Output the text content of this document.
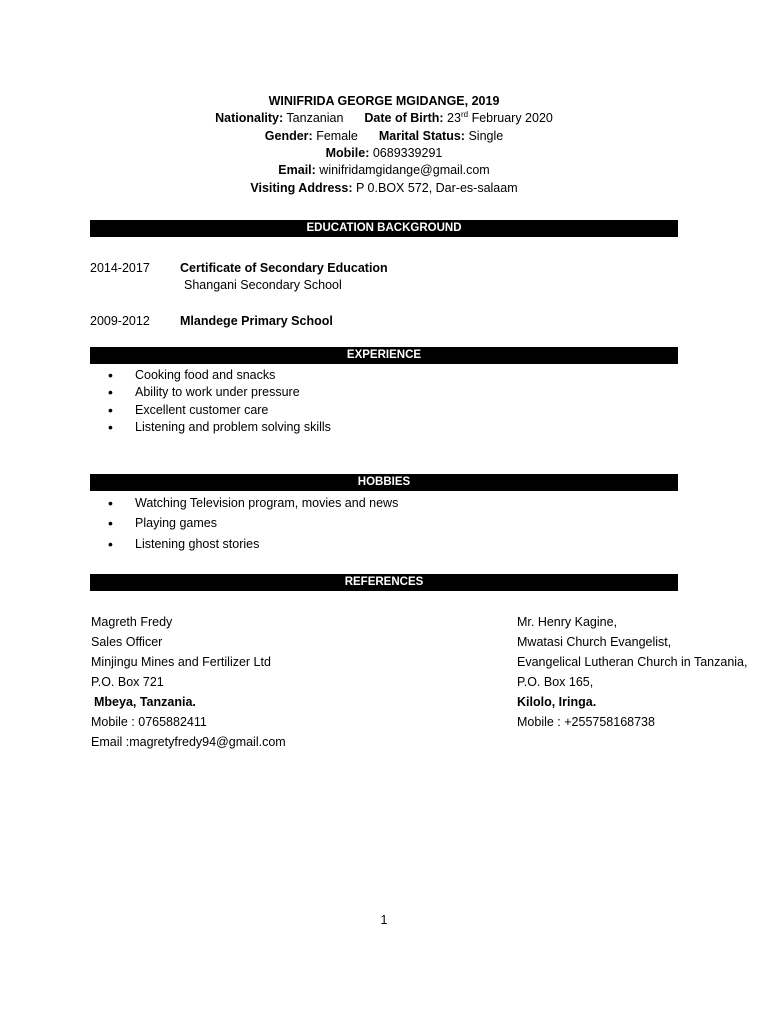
WINIFRIDA GEORGE MGIDANGE, 2019
Nationality: Tanzanian Date of Birth: 23rd February 2020
Gender: Female Marital Status: Single
Mobile: 0689339291
Email: winifridamgidange@gmail.com
Visiting Address: P 0.BOX 572, Dar-es-salaam
EDUCATION BACKGROUND
2014-2017 Certificate of Secondary Education
Shangani Secondary School
2009-2012 Mlandege Primary School
EXPERIENCE
• Cooking food and snacks
• Ability to work under pressure
• Excellent customer care
• Listening and problem solving skills
HOBBIES
• Watching Television program, movies and news
• Playing games
• Listening ghost stories
REFERENCES
Magreth Fredy
Sales Officer
Minjingu Mines and Fertilizer Ltd
P.O. Box 721
Mbeya, Tanzania.
Mobile : 0765882411
Email :magretyfredy94@gmail.com
Mr. Henry Kagine,
Mwatasi Church Evangelist,
Evangelical Lutheran Church in Tanzania,
P.O. Box 165,
Kilolo, Iringa.
Mobile : +255758168738
1
